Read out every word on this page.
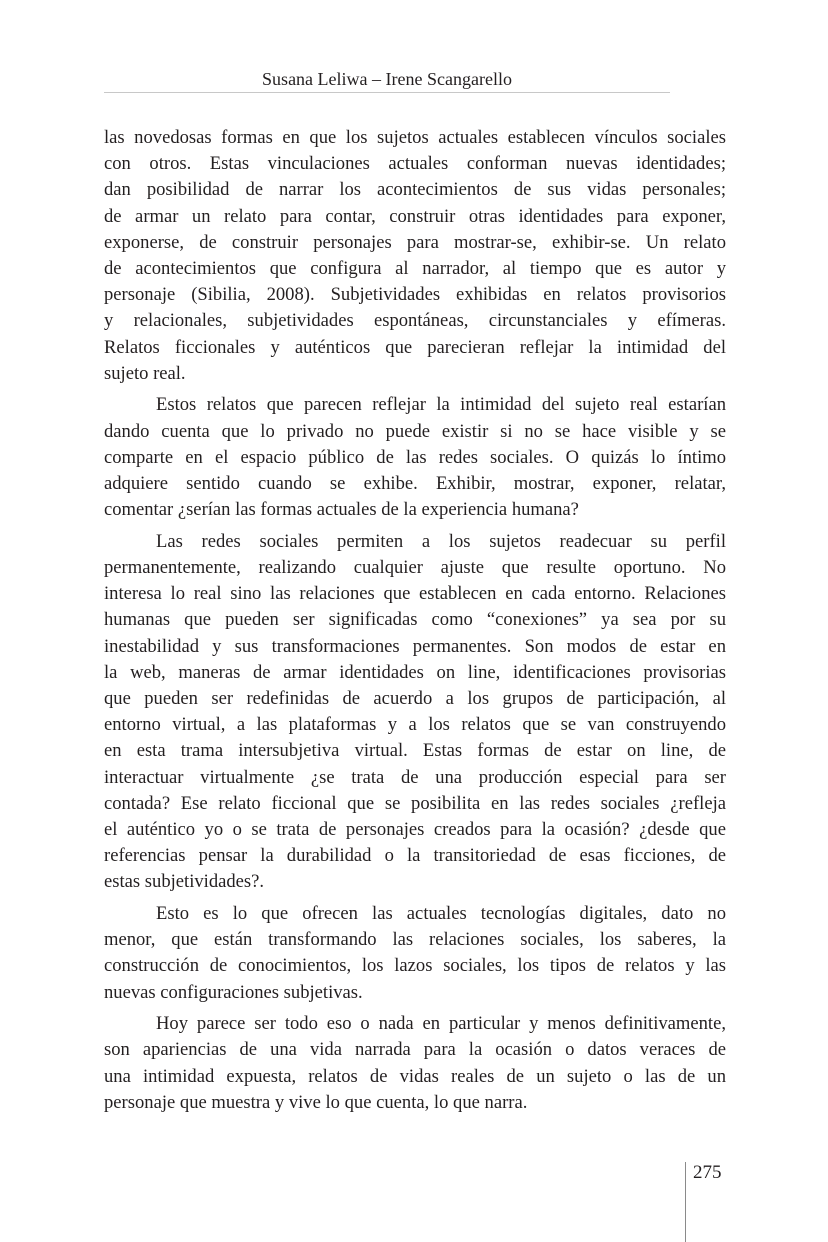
Susana Leliwa – Irene Scangarello
las novedosas formas en que los sujetos actuales establecen vínculos sociales
con otros. Estas vinculaciones actuales conforman nuevas identidades;
dan posibilidad de narrar los acontecimientos de sus vidas personales;
de armar un relato para contar, construir otras identidades para exponer,
exponerse, de construir personajes para mostrar-se, exhibir-se. Un relato
de acontecimientos que configura al narrador, al tiempo que es autor y
personaje (Sibilia, 2008). Subjetividades exhibidas en relatos provisorios
y relacionales, subjetividades espontáneas, circunstanciales y efímeras.
Relatos ficcionales y auténticos que parecieran reflejar la intimidad del
sujeto real.
Estos relatos que parecen reflejar la intimidad del sujeto real estarían
dando cuenta que lo privado no puede existir si no se hace visible y se
comparte en el espacio público de las redes sociales. O quizás lo íntimo
adquiere sentido cuando se exhibe. Exhibir, mostrar, exponer, relatar,
comentar ¿serían las formas actuales de la experiencia humana?
Las redes sociales permiten a los sujetos readecuar su perfil
permanentemente, realizando cualquier ajuste que resulte oportuno. No
interesa lo real sino las relaciones que establecen en cada entorno. Relaciones
humanas que pueden ser significadas como “conexiones” ya sea por su
inestabilidad y sus transformaciones permanentes. Son modos de estar en
la web, maneras de armar identidades on line, identificaciones provisorias
que pueden ser redefinidas de acuerdo a los grupos de participación, al
entorno virtual, a las plataformas y a los relatos que se van construyendo
en esta trama intersubjetiva virtual. Estas formas de estar on line, de
interactuar virtualmente ¿se trata de una producción especial para ser
contada? Ese relato ficcional que se posibilita en las redes sociales ¿refleja
el auténtico yo o se trata de personajes creados para la ocasión? ¿desde que
referencias pensar la durabilidad o la transitoriedad de esas ficciones, de
estas subjetividades?.
Esto es lo que ofrecen las actuales tecnologías digitales, dato no
menor, que están transformando las relaciones sociales, los saberes, la
construcción de conocimientos, los lazos sociales, los tipos de relatos y las
nuevas configuraciones subjetivas.
Hoy parece ser todo eso o nada en particular y menos definitivamente,
son apariencias de una vida narrada para la ocasión o datos veraces de
una intimidad expuesta, relatos de vidas reales de un sujeto o las de un
personaje que muestra y vive lo que cuenta, lo que narra.
275
